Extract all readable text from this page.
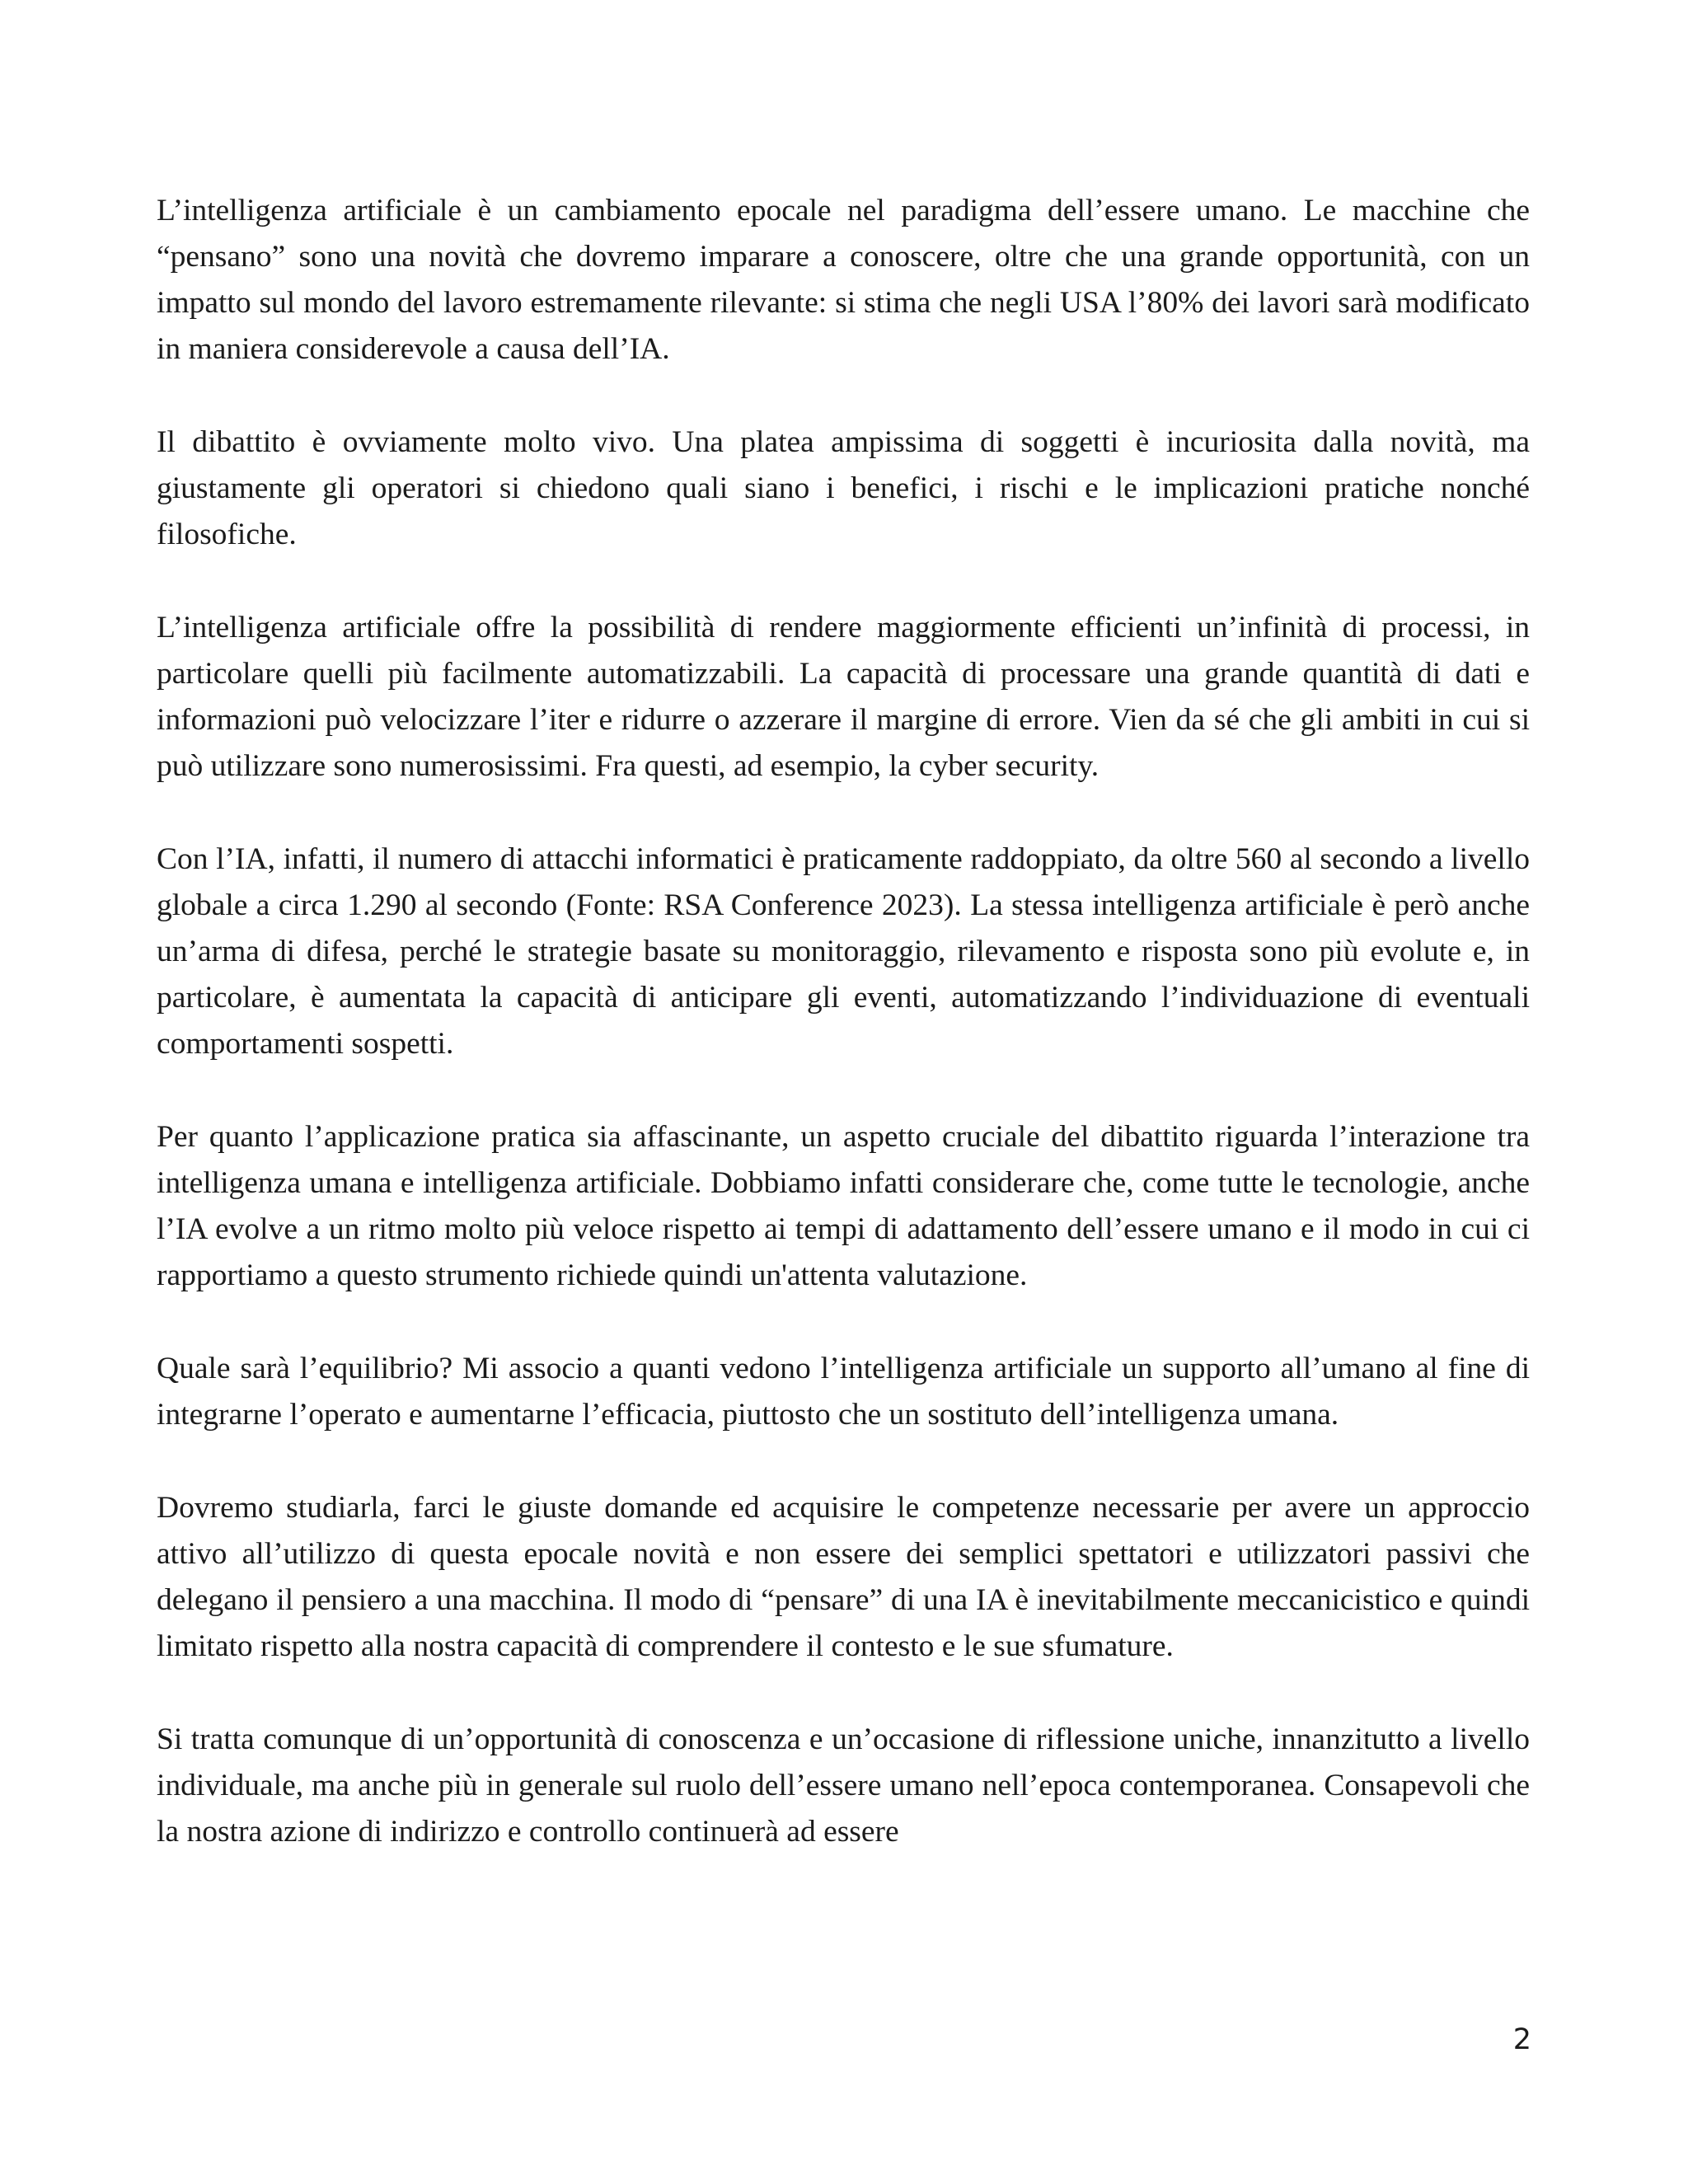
L’intelligenza artificiale è un cambiamento epocale nel paradigma dell’essere umano. Le macchine che “pensano” sono una novità che dovremo imparare a conoscere, oltre che una grande opportunità, con un impatto sul mondo del lavoro estremamente rilevante: si stima che negli USA l’80% dei lavori sarà modificato in maniera considerevole a causa dell’IA.

Il dibattito è ovviamente molto vivo. Una platea ampissima di soggetti è incuriosita dalla novità, ma giustamente gli operatori si chiedono quali siano i benefici, i rischi e le implicazioni pratiche nonché filosofiche.

L’intelligenza artificiale offre la possibilità di rendere maggiormente efficienti un’infinità di processi, in particolare quelli più facilmente automatizzabili. La capacità di processare una grande quantità di dati e informazioni può velocizzare l’iter e ridurre o azzerare il margine di errore. Vien da sé che gli ambiti in cui si può utilizzare sono numerosissimi. Fra questi, ad esempio, la cyber security.

Con l’IA, infatti, il numero di attacchi informatici è praticamente raddoppiato, da oltre 560 al secondo a livello globale a circa 1.290 al secondo (Fonte: RSA Conference 2023). La stessa intelligenza artificiale è però anche un’arma di difesa, perché le strategie basate su monitoraggio, rilevamento e risposta sono più evolute e, in particolare, è aumentata la capacità di anticipare gli eventi, automatizzando l’individuazione di eventuali comportamenti sospetti.

Per quanto l’applicazione pratica sia affascinante, un aspetto cruciale del dibattito riguarda l’interazione tra intelligenza umana e intelligenza artificiale. Dobbiamo infatti considerare che, come tutte le tecnologie, anche l’IA evolve a un ritmo molto più veloce rispetto ai tempi di adattamento dell’essere umano e il modo in cui ci rapportiamo a questo strumento richiede quindi un'attenta valutazione.

Quale sarà l’equilibrio? Mi associo a quanti vedono l’intelligenza artificiale un supporto all’umano al fine di integrarne l’operato e aumentarne l’efficacia, piuttosto che un sostituto dell’intelligenza umana.

Dovremo studiarla, farci le giuste domande ed acquisire le competenze necessarie per avere un approccio attivo all’utilizzo di questa epocale novità e non essere dei semplici spettatori e utilizzatori passivi che delegano il pensiero a una macchina. Il modo di “pensare” di una IA è inevitabilmente meccanicistico e quindi limitato rispetto alla nostra capacità di comprendere il contesto e le sue sfumature.

Si tratta comunque di un’opportunità di conoscenza e un’occasione di riflessione uniche, innanzitutto a livello individuale, ma anche più in generale sul ruolo dell’essere umano nell’epoca contemporanea. Consapevoli che la nostra azione di indirizzo e controllo continuerà ad essere

2
